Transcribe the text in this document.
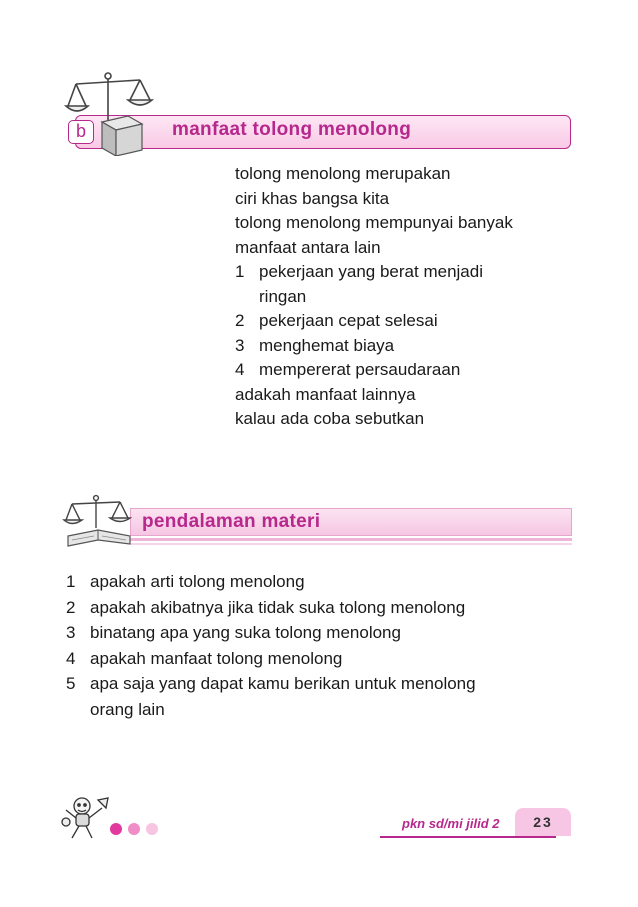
b	manfaat tolong menolong
tolong menolong merupakan
ciri khas bangsa kita
tolong menolong mempunyai banyak
manfaat antara lain
1 pekerjaan yang berat menjadi
ringan
2 pekerjaan cepat selesai
3 menghemat biaya
4 mempererat persaudaraan
adakah manfaat lainnya
kalau ada coba sebutkan
pendalaman materi
1 apakah arti tolong menolong
2 apakah akibatnya jika tidak suka tolong menolong
3 binatang apa yang suka tolong menolong
4 apakah manfaat tolong menolong
5 apa saja yang dapat kamu berikan untuk menolong
orang lain
pkn sd/mi jilid 2	23
